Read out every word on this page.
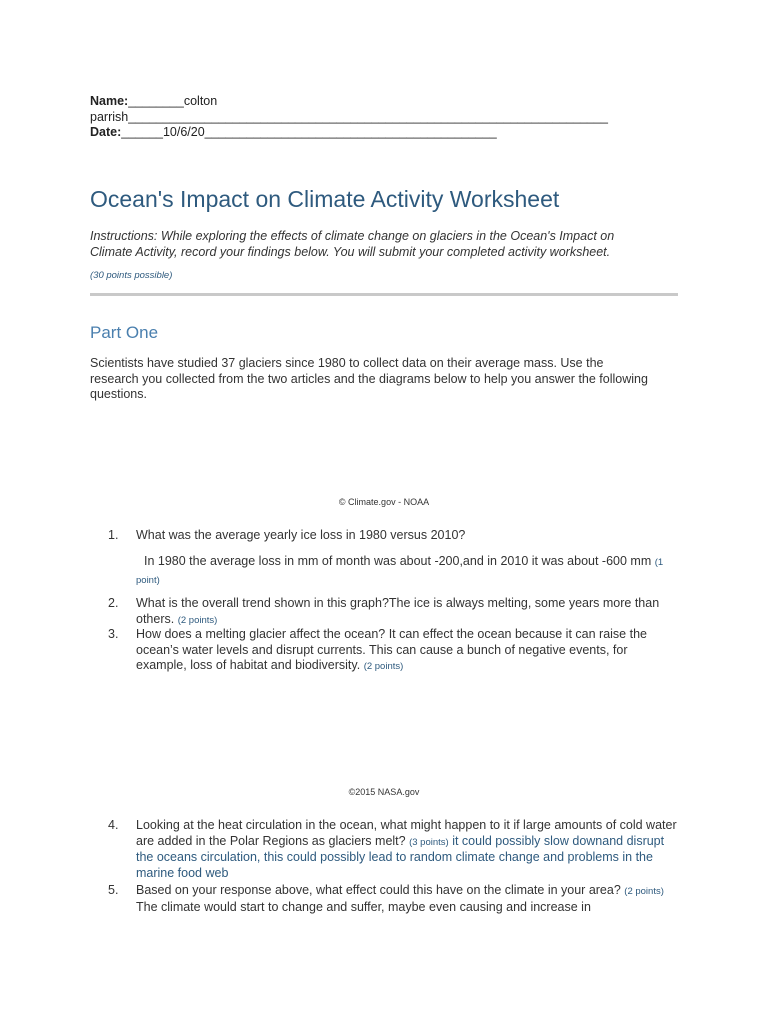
Name:________colton
parrish_____________________________________________________________________
Date:______10/6/20__________________________________________
Ocean's Impact on Climate Activity Worksheet
Instructions: While exploring the effects of climate change on glaciers in the Ocean's Impact on Climate Activity, record your findings below. You will submit your completed activity worksheet.
(30 points possible)
Part One
Scientists have studied 37 glaciers since 1980 to collect data on their average mass. Use the research you collected from the two articles and the diagrams below to help you answer the following questions.
© Climate.gov - NOAA
1. What was the average yearly ice loss in 1980 versus 2010?
In 1980 the average loss in mm of month was about -200,and in 2010 it was about -600 mm (1 point)
2. What is the overall trend shown in this graph?The ice is always melting, some years more than others. (2 points)
3. How does a melting glacier affect the ocean? It can effect the ocean because it can raise the ocean’s water levels and disrupt currents. This can cause a bunch of negative events, for example, loss of habitat and biodiversity. (2 points)
©2015 NASA.gov
4. Looking at the heat circulation in the ocean, what might happen to it if large amounts of cold water are added in the Polar Regions as glaciers melt? (3 points) it could possibly slow downand disrupt the oceans circulation, this could possibly lead to random climate change and problems in the marine food web
5. Based on your response above, what effect could this have on the climate in your area? (2 points) The climate would start to change and suffer, maybe even causing and increase in
